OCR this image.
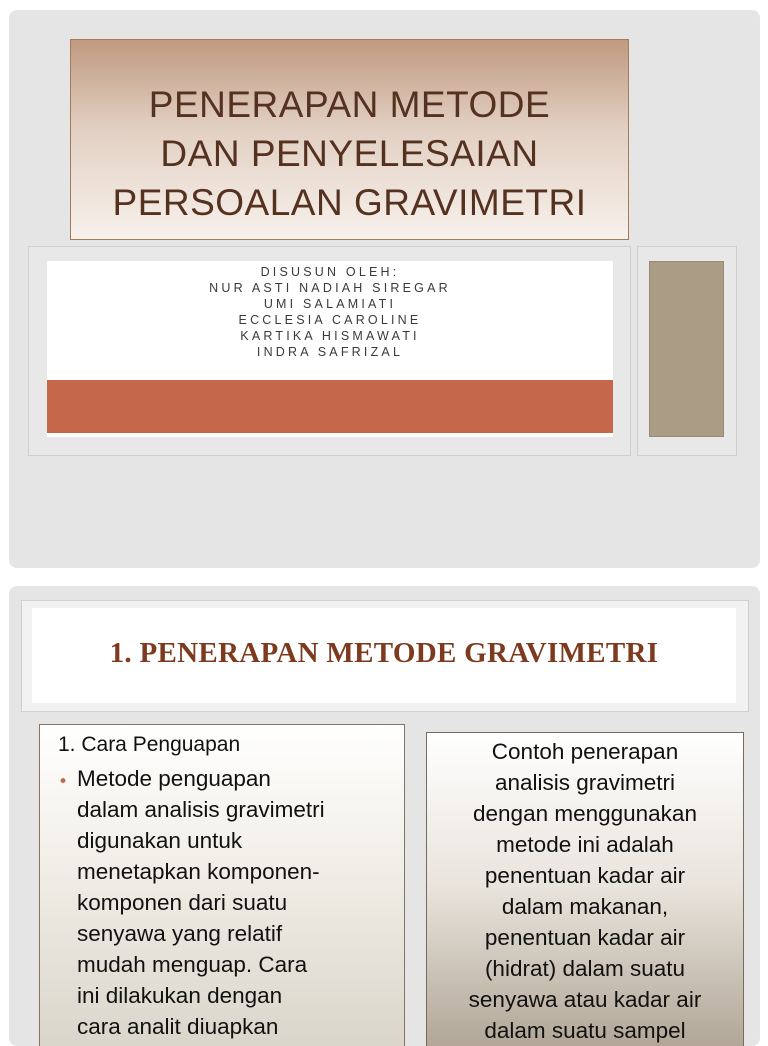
PENERAPAN METODE
DAN PENYELESAIAN
PERSOALAN GRAVIMETRI
DISUSUN OLEH:
NUR ASTI NADIAH SIREGAR
UMI SALAMIATI
ECCLESIA CAROLINE
KARTIKA HISMAWATI
INDRA SAFRIZAL
1. PENERAPAN METODE GRAVIMETRI
1. Cara Penguapan
• Metode penguapan
dalam analisis gravimetri
digunakan untuk
menetapkan komponen-
komponen dari suatu
senyawa yang relatif
mudah menguap. Cara
ini dilakukan dengan
cara analit diuapkan
Contoh penerapan
analisis gravimetri
dengan menggunakan
metode ini adalah
penentuan kadar air
dalam makanan,
penentuan kadar air
(hidrat) dalam suatu
senyawa atau kadar air
dalam suatu sampel
